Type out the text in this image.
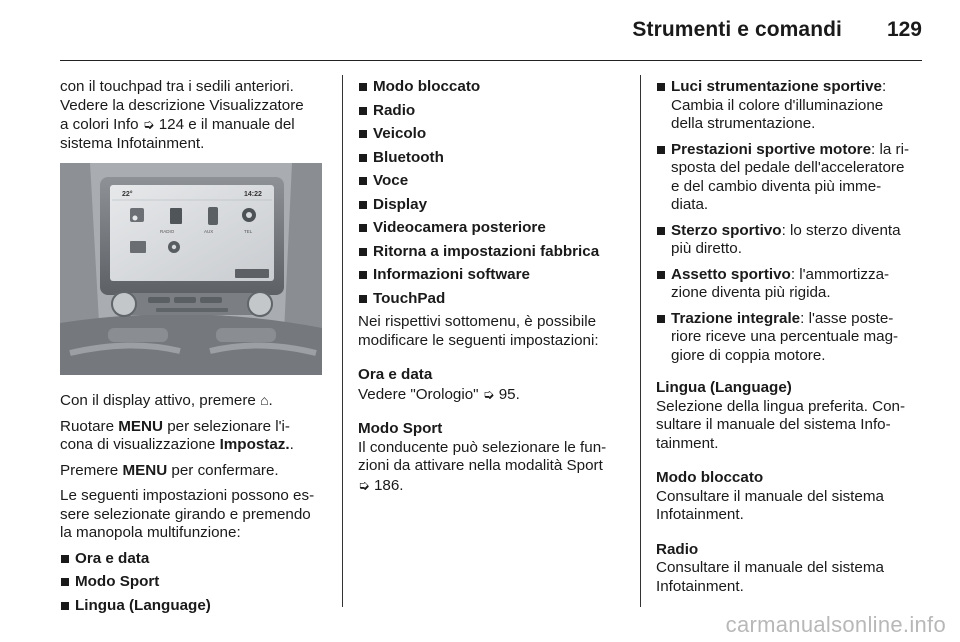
Strumenti e comandi 129

con il touchpad tra i sedili anteriori.
Vedere la descrizione Visualizzatore
a colori Info ➭ 124 e il manuale del
sistema Infotainment.

22°	14:22
RADIO	AUX	TEL

Con il display attivo, premere ⌂.

Ruotare MENU per selezionare l'i-
cona di visualizzazione Impostaz..

Premere MENU per confermare.

Le seguenti impostazioni possono es-
sere selezionate girando e premendo
la manopola multifunzione:

Ora e data
Modo Sport
Lingua (Language)
Modo bloccato
Radio
Veicolo
Bluetooth
Voce
Display
Videocamera posteriore
Ritorna a impostazioni fabbrica
Informazioni software
TouchPad

Nei rispettivi sottomenu, è possibile
modificare le seguenti impostazioni:

Ora e data
Vedere "Orologio" ➭ 95.
Modo Sport
Il conducente può selezionare le fun-
zioni da attivare nella modalità Sport
➭ 186.
Luci strumentazione sportive:
Cambia il colore d'illuminazione
della strumentazione.
Prestazioni sportive motore: la ri-
sposta del pedale dell'acceleratore
e del cambio diventa più imme-
diata.
Sterzo sportivo: lo sterzo diventa
più diretto.
Assetto sportivo: l'ammortizza-
zione diventa più rigida.
Trazione integrale: l'asse poste-
riore riceve una percentuale mag-
giore di coppia motore.
Lingua (Language)
Selezione della lingua preferita. Con-
sultare il manuale del sistema Info-
tainment.
Modo bloccato
Consultare il manuale del sistema
Infotainment.
Radio
Consultare il manuale del sistema
Infotainment.
carmanualsonline.info
